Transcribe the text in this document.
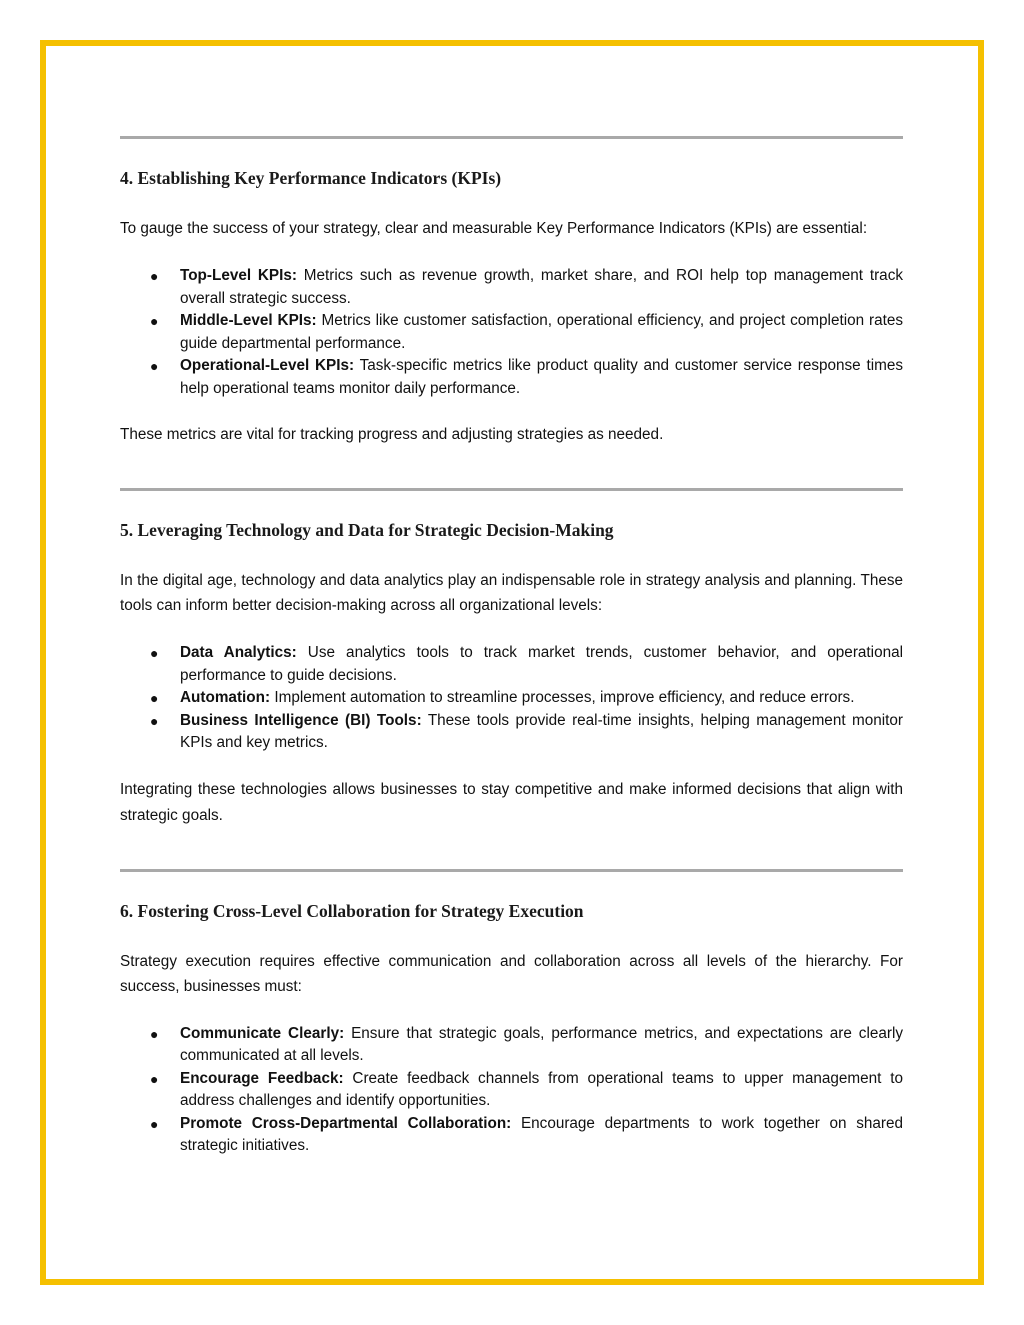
4. Establishing Key Performance Indicators (KPIs)

To gauge the success of your strategy, clear and measurable Key Performance Indicators (KPIs) are essential:

● Top-Level KPIs: Metrics such as revenue growth, market share, and ROI help top management track overall strategic success.
● Middle-Level KPIs: Metrics like customer satisfaction, operational efficiency, and project completion rates guide departmental performance.
● Operational-Level KPIs: Task-specific metrics like product quality and customer service response times help operational teams monitor daily performance.

These metrics are vital for tracking progress and adjusting strategies as needed.

5. Leveraging Technology and Data for Strategic Decision-Making

In the digital age, technology and data analytics play an indispensable role in strategy analysis and planning. These tools can inform better decision-making across all organizational levels:

● Data Analytics: Use analytics tools to track market trends, customer behavior, and operational performance to guide decisions.
● Automation: Implement automation to streamline processes, improve efficiency, and reduce errors.
● Business Intelligence (BI) Tools: These tools provide real-time insights, helping management monitor KPIs and key metrics.

Integrating these technologies allows businesses to stay competitive and make informed decisions that align with strategic goals.

6. Fostering Cross-Level Collaboration for Strategy Execution

Strategy execution requires effective communication and collaboration across all levels of the hierarchy. For success, businesses must:

● Communicate Clearly: Ensure that strategic goals, performance metrics, and expectations are clearly communicated at all levels.
● Encourage Feedback: Create feedback channels from operational teams to upper management to address challenges and identify opportunities.
● Promote Cross-Departmental Collaboration: Encourage departments to work together on shared strategic initiatives.
